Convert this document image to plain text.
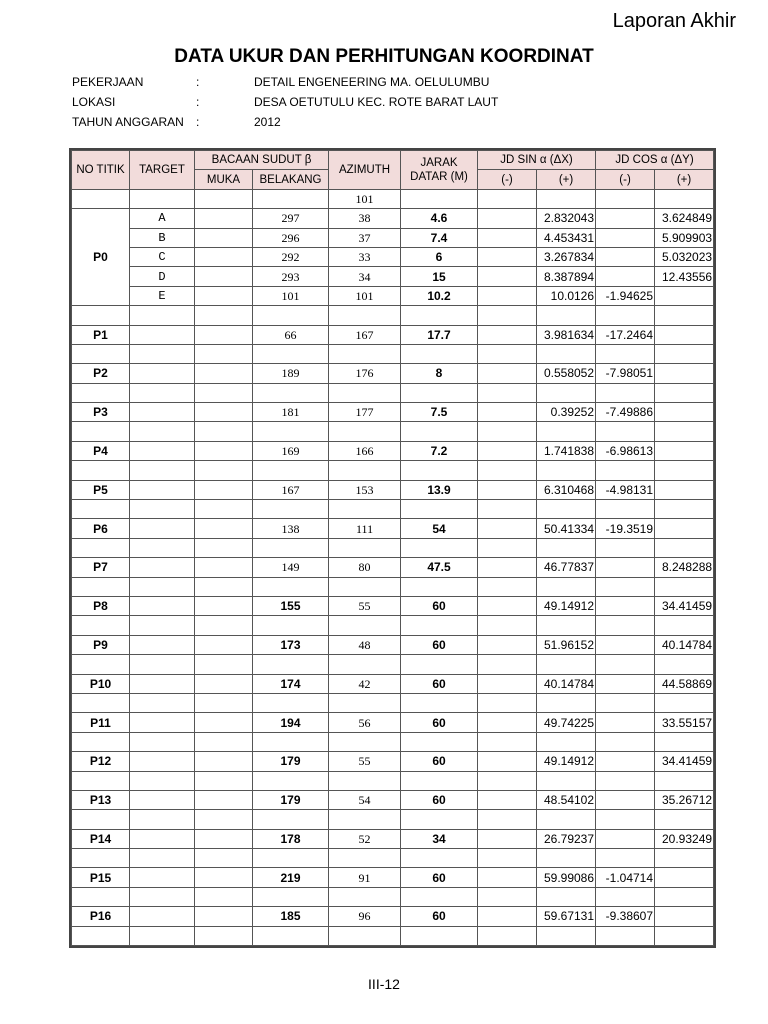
Laporan Akhir
DATA UKUR DAN PERHITUNGAN KOORDINAT
PEKERJAAN	:	DETAIL ENGENEERING MA. OELULUMBU
LOKASI	:	DESA OETUTULU KEC. ROTE BARAT LAUT
TAHUN ANGGARAN	:	2012
NO TITIK	TARGET	BACAAN SUDUT β		AZIMUTH	JARAK DATAR (M)	JD SIN α (ΔX)		JD COS α (ΔY)	
		MUKA	BELAKANG			(-)	(+)	(-)	(+)
				101					
P0	A		297	38	4.6		2.832043		3.624849
	B		296	37	7.4		4.453431		5.909903
	C		292	33	6		3.267834		5.032023
	D		293	34	15		8.387894		12.43556
	E		101	101	10.2		10.0126	-1.94625	

P1			66	167	17.7		3.981634	-17.2464	

P2			189	176	8		0.558052	-7.98051	

P3			181	177	7.5		0.39252	-7.49886	

P4			169	166	7.2		1.741838	-6.98613	

P5			167	153	13.9		6.310468	-4.98131	

P6			138	111	54		50.41334	-19.3519	

P7			149	80	47.5		46.77837		8.248288

P8			155	55	60		49.14912		34.41459

P9			173	48	60		51.96152		40.14784

P10			174	42	60		40.14784		44.58869

P11			194	56	60		49.74225		33.55157

P12			179	55	60		49.14912		34.41459

P13			179	54	60		48.54102		35.26712

P14			178	52	34		26.79237		20.93249

P15			219	91	60		59.99086	-1.04714	

P16			185	96	60		59.67131	-9.38607	

III-12
